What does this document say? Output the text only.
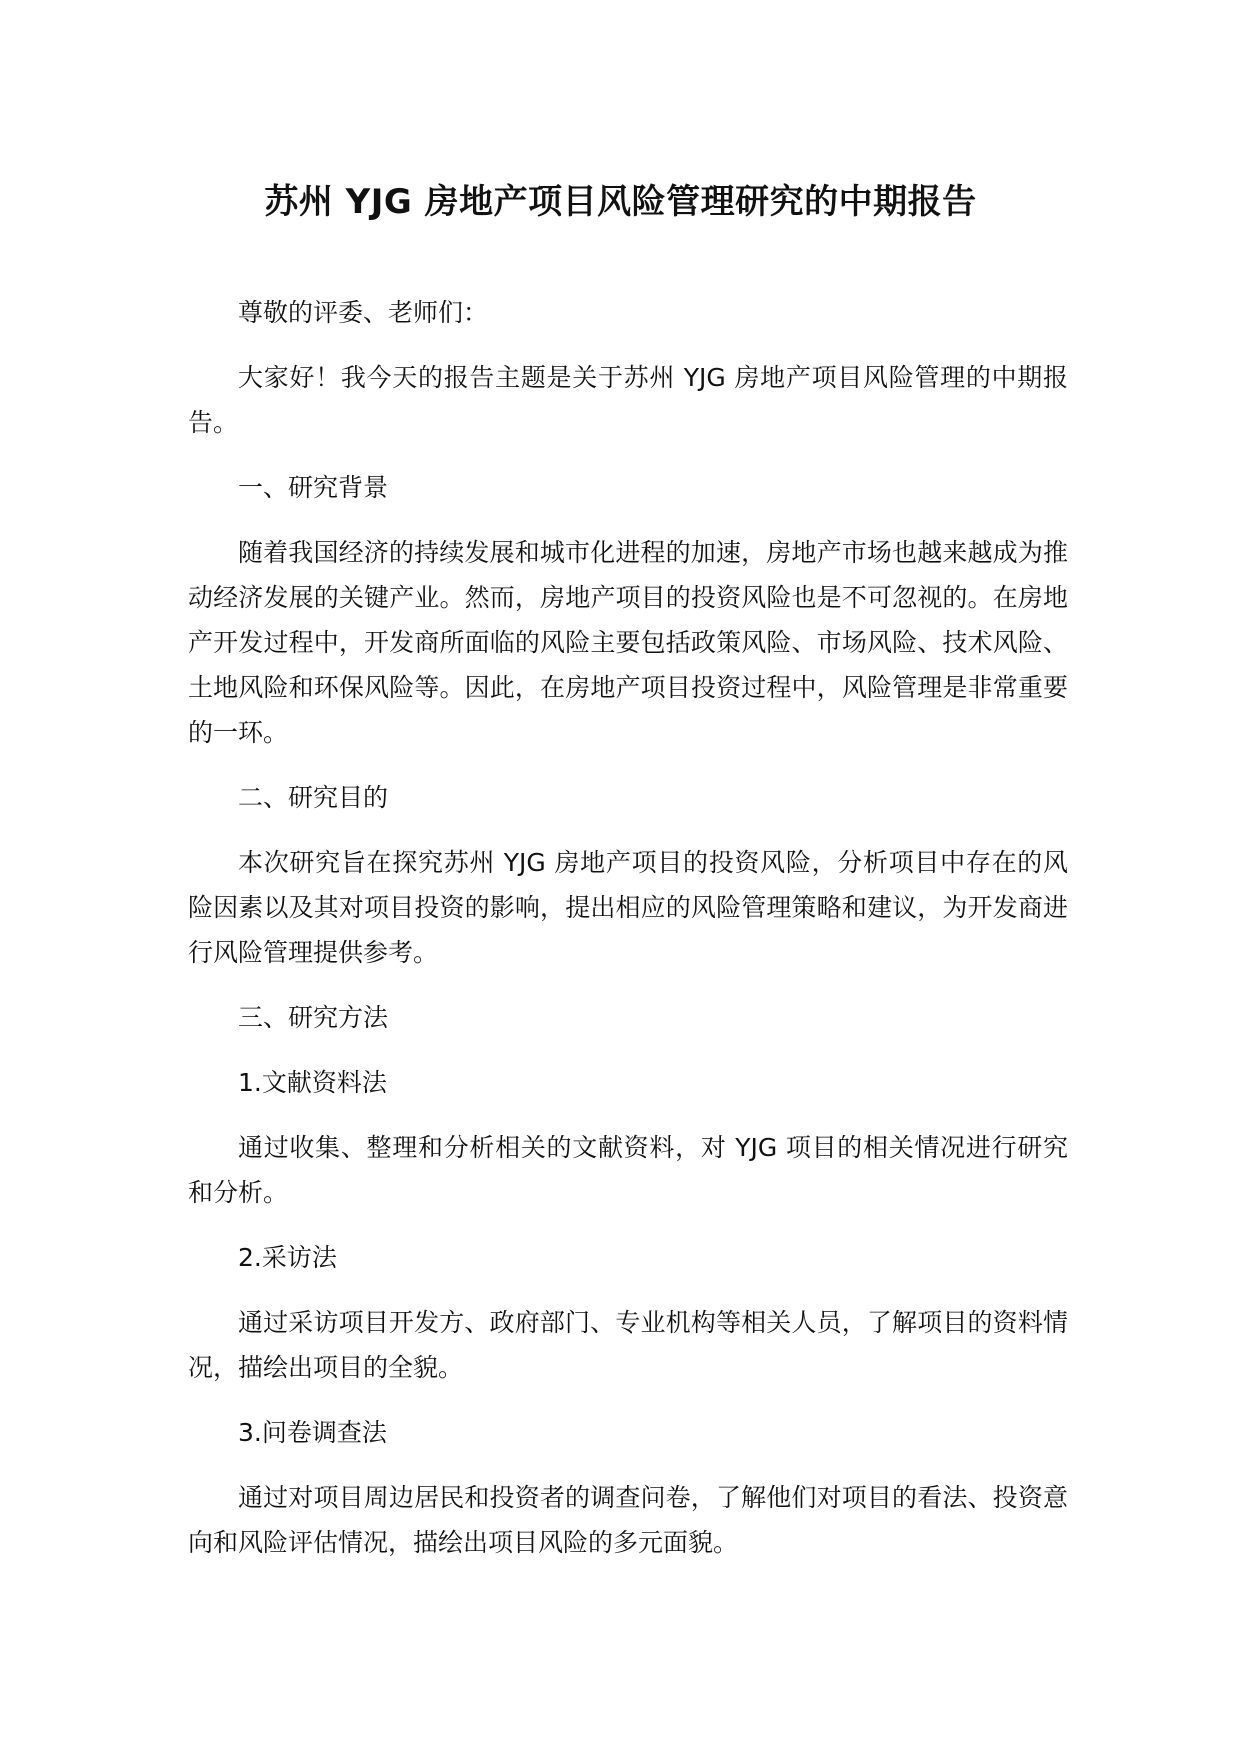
苏州 YJG 房地产项目风险管理研究的中期报告

尊敬的评委、老师们：

大家好！我今天的报告主题是关于苏州 YJG 房地产项目风险管理的中期报告。

一、研究背景

随着我国经济的持续发展和城市化进程的加速，房地产市场也越来越成为推动经济发展的关键产业。然而，房地产项目的投资风险也是不可忽视的。在房地产开发过程中，开发商所面临的风险主要包括政策风险、市场风险、技术风险、土地风险和环保风险等。因此，在房地产项目投资过程中，风险管理是非常重要的一环。

二、研究目的

本次研究旨在探究苏州 YJG 房地产项目的投资风险，分析项目中存在的风险因素以及其对项目投资的影响，提出相应的风险管理策略和建议，为开发商进行风险管理提供参考。

三、研究方法

1.文献资料法

通过收集、整理和分析相关的文献资料，对 YJG 项目的相关情况进行研究和分析。

2.采访法

通过采访项目开发方、政府部门、专业机构等相关人员，了解项目的资料情况，描绘出项目的全貌。

3.问卷调查法

通过对项目周边居民和投资者的调查问卷，了解他们对项目的看法、投资意向和风险评估情况，描绘出项目风险的多元面貌。
